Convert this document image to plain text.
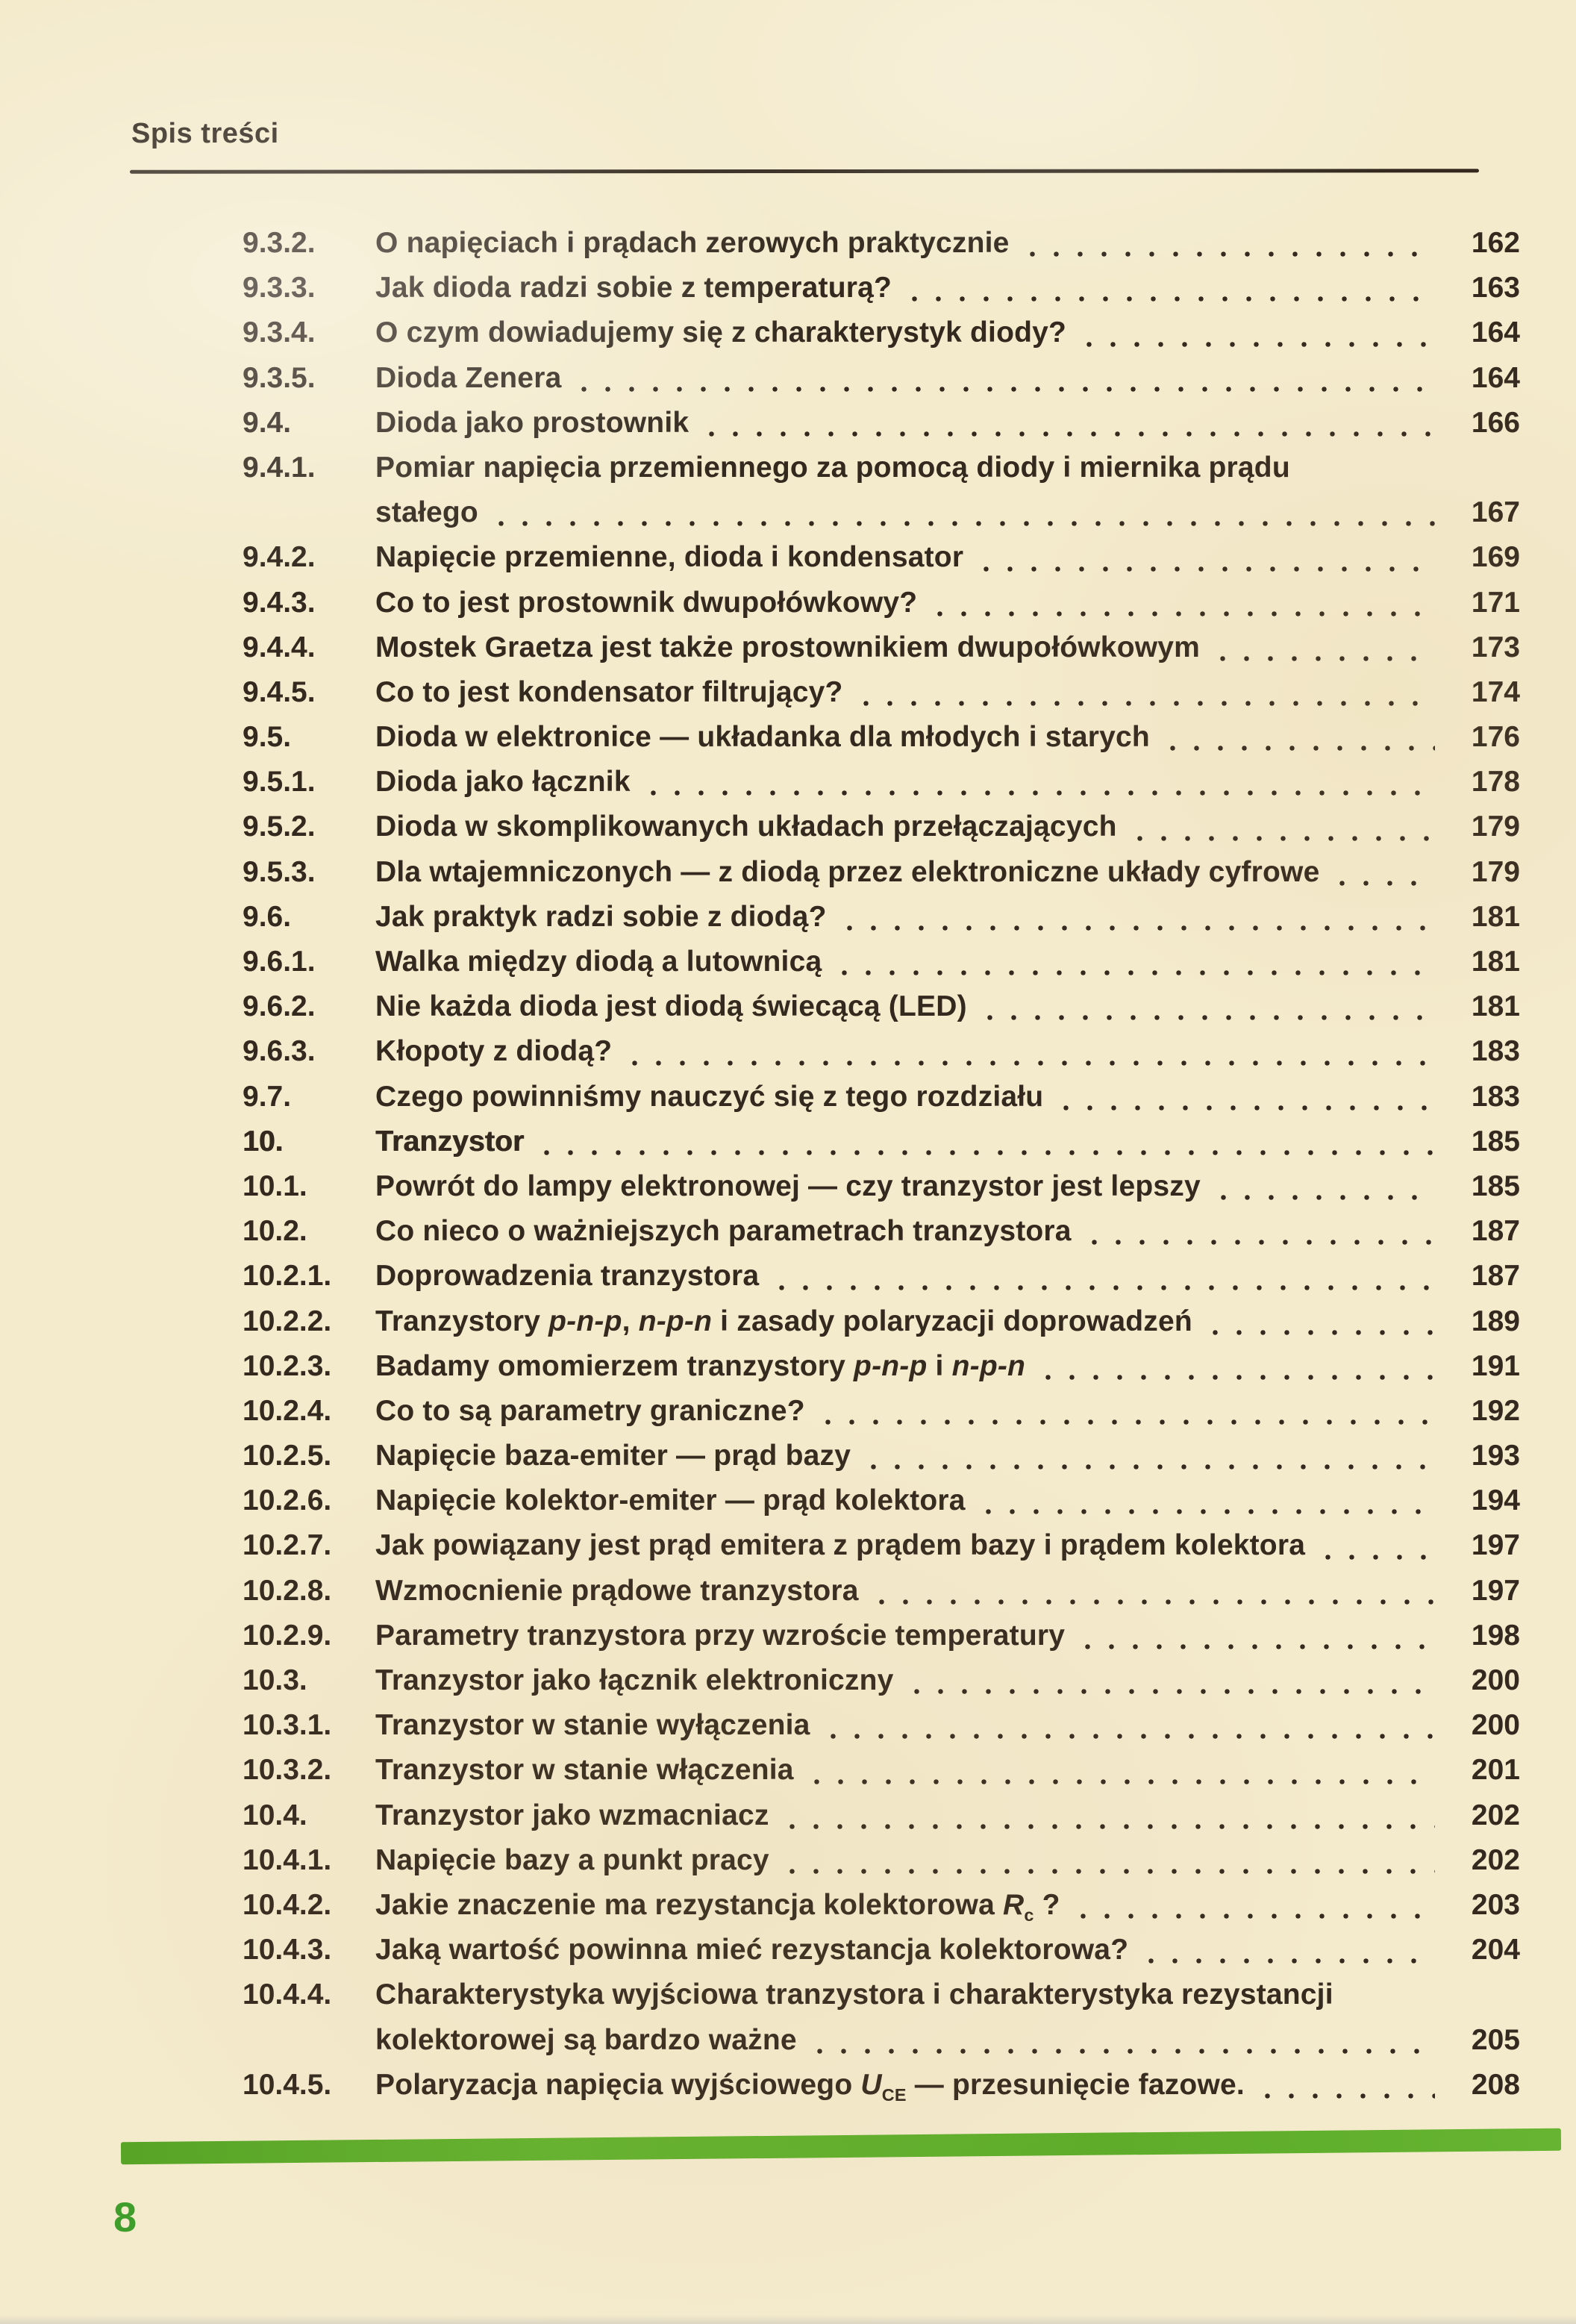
Spis treści
9.3.2.	O napięciach i prądach zerowych praktycznie	162
9.3.3.	Jak dioda radzi sobie z temperaturą?	163
9.3.4.	O czym dowiadujemy się z charakterystyk diody?	164
9.3.5.	Dioda Zenera	164
9.4.	Dioda jako prostownik	166
9.4.1.	Pomiar napięcia przemiennego za pomocą diody i miernika prądu
stałego	167
9.4.2.	Napięcie przemienne, dioda i kondensator	169
9.4.3.	Co to jest prostownik dwupołówkowy?	171
9.4.4.	Mostek Graetza jest także prostownikiem dwupołówkowym	173
9.4.5.	Co to jest kondensator filtrujący?	174
9.5.	Dioda w elektronice — układanka dla młodych i starych	176
9.5.1.	Dioda jako łącznik	178
9.5.2.	Dioda w skomplikowanych układach przełączających	179
9.5.3.	Dla wtajemniczonych — z diodą przez elektroniczne układy cyfrowe	179
9.6.	Jak praktyk radzi sobie z diodą?	181
9.6.1.	Walka między diodą a lutownicą	181
9.6.2.	Nie każda dioda jest diodą świecącą (LED)	181
9.6.3.	Kłopoty z diodą?	183
9.7.	Czego powinniśmy nauczyć się z tego rozdziału	183
10.	Tranzystor	185
10.1.	Powrót do lampy elektronowej — czy tranzystor jest lepszy	185
10.2.	Co nieco o ważniejszych parametrach tranzystora	187
10.2.1.	Doprowadzenia tranzystora	187
10.2.2.	Tranzystory p-n-p, n-p-n i zasady polaryzacji doprowadzeń	189
10.2.3.	Badamy omomierzem tranzystory p-n-p i n-p-n	191
10.2.4.	Co to są parametry graniczne?	192
10.2.5.	Napięcie baza-emiter — prąd bazy	193
10.2.6.	Napięcie kolektor-emiter — prąd kolektora	194
10.2.7.	Jak powiązany jest prąd emitera z prądem bazy i prądem kolektora	197
10.2.8.	Wzmocnienie prądowe tranzystora	197
10.2.9.	Parametry tranzystora przy wzroście temperatury	198
10.3.	Tranzystor jako łącznik elektroniczny	200
10.3.1.	Tranzystor w stanie wyłączenia	200
10.3.2.	Tranzystor w stanie włączenia	201
10.4.	Tranzystor jako wzmacniacz	202
10.4.1.	Napięcie bazy a punkt pracy	202
10.4.2.	Jakie znaczenie ma rezystancja kolektorowa $R_c$ ?	203
10.4.3.	Jaką wartość powinna mieć rezystancja kolektorowa?	204
10.4.4.	Charakterystyka wyjściowa tranzystora i charakterystyka rezystancji
kolektorowej są bardzo ważne	205
10.4.5.	Polaryzacja napięcia wyjściowego $U_{CE}$ — przesunięcie fazowe.	208
8
